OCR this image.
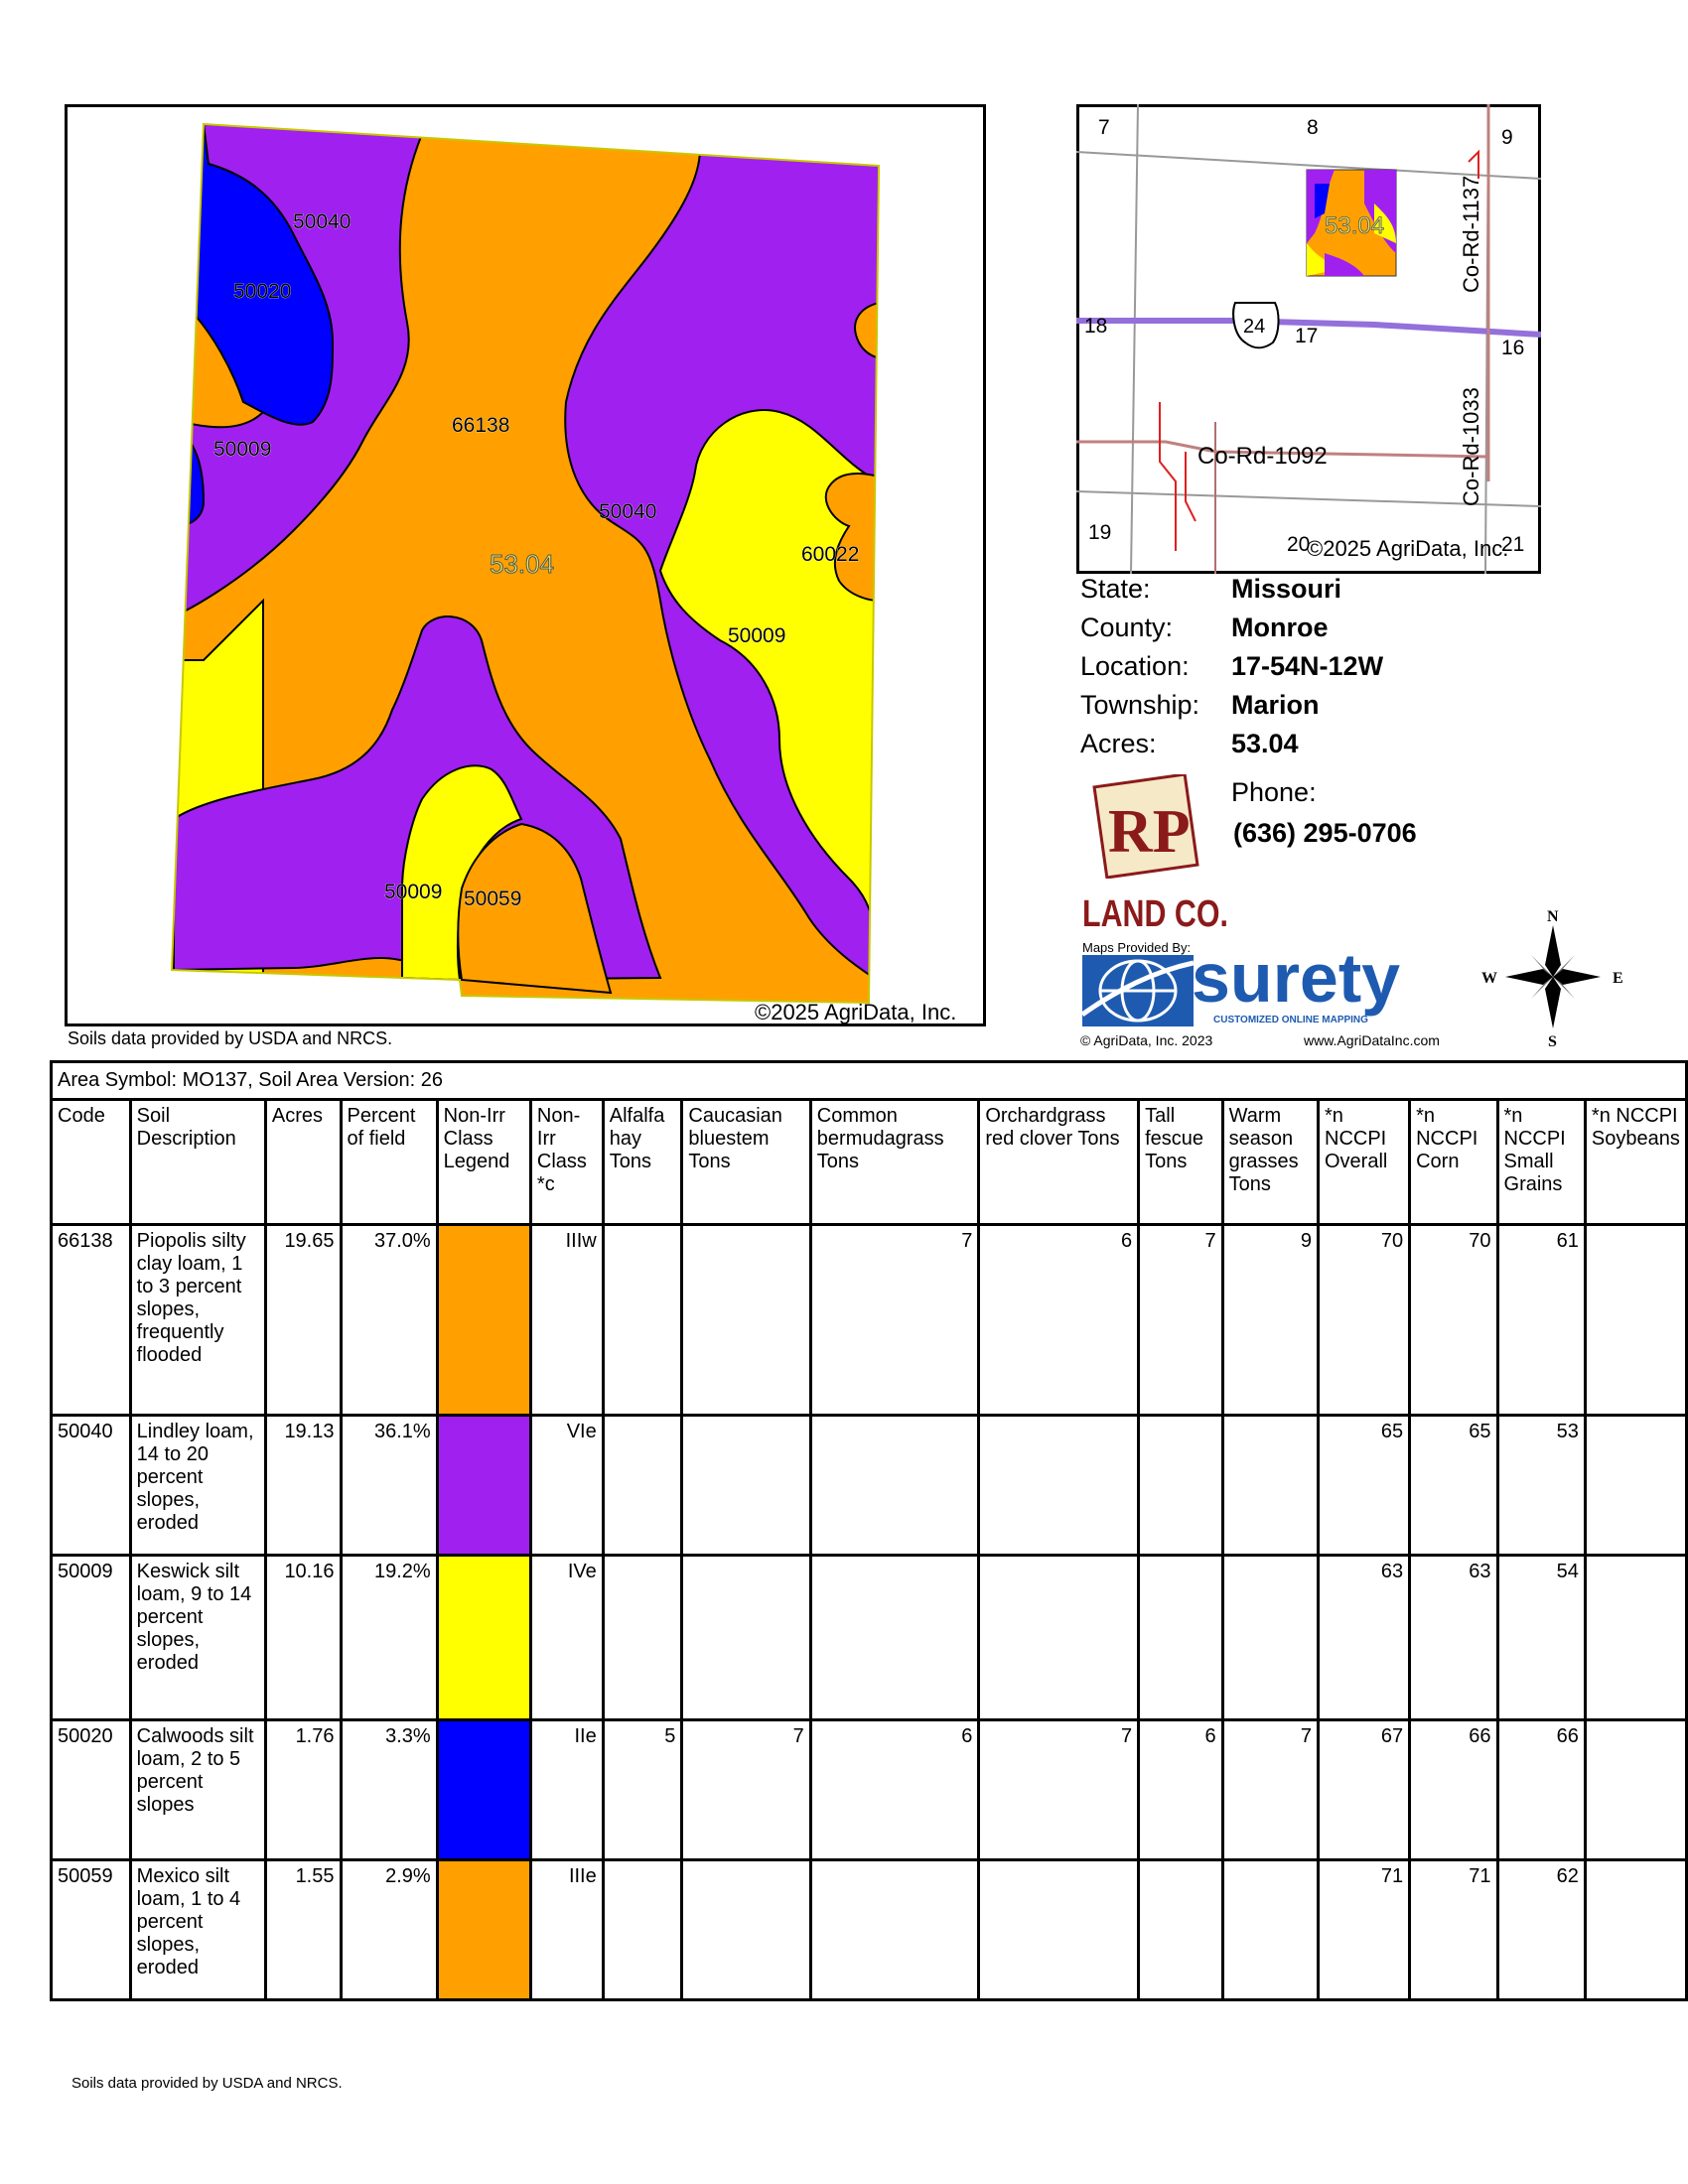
50040
50020
50009
66138
50040
60022
50009
50009 50059
53.04
©2025 AgriData, Inc.
Soils data provided by USDA and NRCS.
53.04
24
7	8	9
18	17
16
19
20	21
Co-Rd-1092
Co-Rd-1137
Co-Rd-1033
©2025 AgriData, Inc.
State:	Missouri
County:	Monroe
Location:	17-54N-12W
Township:	Marion
Acres:	53.04
RP
LAND CO.
Phone:
(636) 295-0706
Maps Provided By: surety
CUSTOMIZED ONLINE MAPPING
© AgriData, Inc. 2023	www.AgriDataInc.com
N
S
W	E
Area Symbol: MO137, Soil Area Version: 26															
Code	Soil Description	Acres	Percent of field	Non-Irr Class Legend	Non-Irr Class *c	Alfalfa hay Tons	Caucasian bluestem Tons	Common bermudagrass Tons	Orchardgrass red clover Tons	Tall fescue Tons	Warm season grasses Tons	*n NCCPI Overall	*n NCCPI Corn	*n NCCPI Small Grains	*n NCCPI Soybeans
66138	Piopolis silty clay loam, 1 to 3 percent slopes, frequently flooded	19.65	37.0%		IIIw			7	6	7	9	70	70	61	
50040	Lindley loam, 14 to 20 percent slopes, eroded	19.13	36.1%		VIe							65	65	53	
50009	Keswick silt loam, 9 to 14 percent slopes, eroded	10.16	19.2%		IVe							63	63	54	
50020	Calwoods silt loam, 2 to 5 percent slopes	1.76	3.3%		IIe	5	7	6	7	6	7	67	66	66	
50059	Mexico silt loam, 1 to 4 percent slopes, eroded	1.55	2.9%		IIIe							71	71	62	
Soils data provided by USDA and NRCS.
